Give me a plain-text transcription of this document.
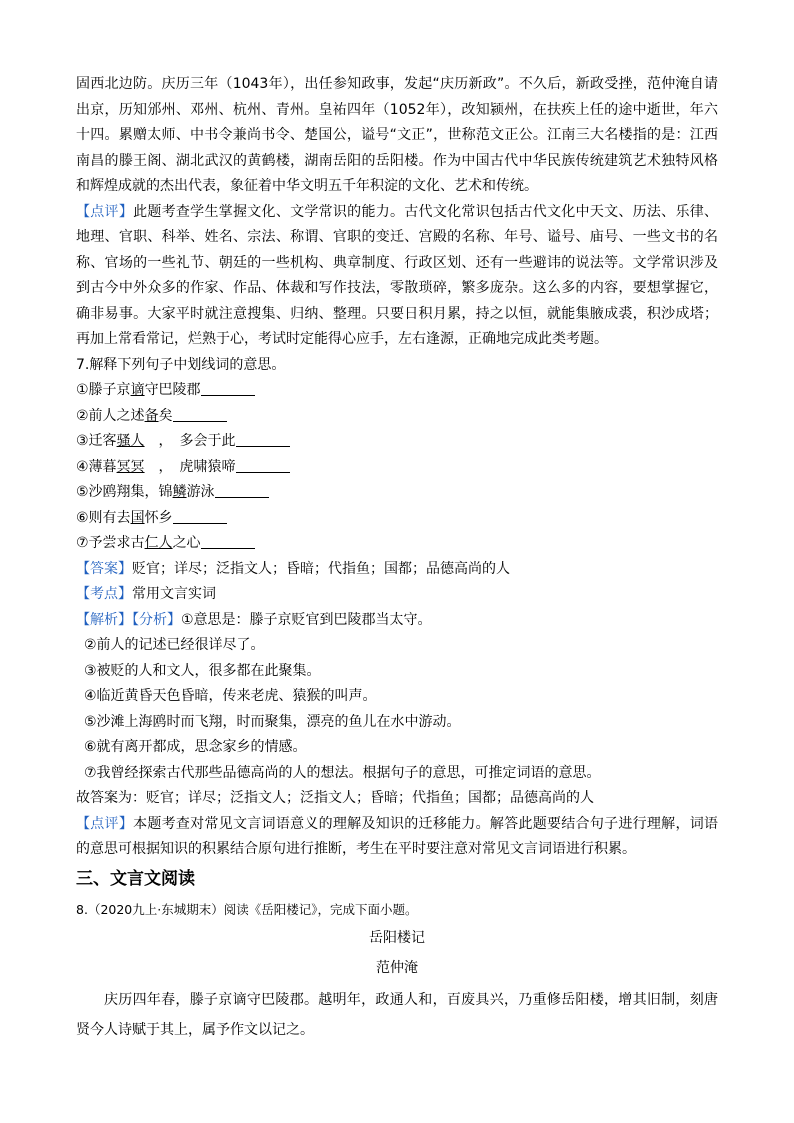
固西北边防。庆历三年（1043年），出任参知政事，发起“庆历新政”。不久后，新政受挫，范仲淹自请出京，历知邠州、邓州、杭州、青州。皇祐四年（1052年），改知颍州，在扶疾上任的途中逝世，年六十四。累赠太师、中书令兼尚书令、楚国公，谥号“文正”，世称范文正公。江南三大名楼指的是：江西南昌的滕王阁、湖北武汉的黄鹤楼，湖南岳阳的岳阳楼。作为中国古代中华民族传统建筑艺术独特风格和辉煌成就的杰出代表，象征着中华文明五千年积淀的文化、艺术和传统。

【点评】此题考查学生掌握文化、文学常识的能力。古代文化常识包括古代文化中天文、历法、乐律、地理、官职、科举、姓名、宗法、称谓、官职的变迁、宫殿的名称、年号、谥号、庙号、一些文书的名称、官场的一些礼节、朝廷的一些机构、典章制度、行政区划、还有一些避讳的说法等。文学常识涉及到古今中外众多的作家、作品、体裁和写作技法，零散琐碎，繁多庞杂。这么多的内容，要想掌握它，确非易事。大家平时就注意搜集、归纳、整理。只要日积月累，持之以恒，就能集腋成裘，积沙成塔；再加上常看常记，烂熟于心，考试时定能得心应手，左右逢源，正确地完成此类考题。

7.解释下列句子中划线词的意思。

①滕子京谪守巴陵郡

②前人之述备矣

③迁客骚人　，　多会于此

④薄暮冥冥　，　虎啸猿啼

⑤沙鸥翔集，锦鳞游泳

⑥则有去国怀乡

⑦予尝求古仁人之心

【答案】贬官；详尽；泛指文人；昏暗；代指鱼；国都；品德高尚的人

【考点】常用文言实词

【解析】【分析】①意思是：滕子京贬官到巴陵郡当太守。

②前人的记述已经很详尽了。

③被贬的人和文人，很多都在此聚集。

④临近黄昏天色昏暗，传来老虎、猿猴的叫声。

⑤沙滩上海鸥时而飞翔，时而聚集，漂亮的鱼儿在水中游动。

⑥就有离开都成，思念家乡的情感。

⑦我曾经探索古代那些品德高尚的人的想法。根据句子的意思，可推定词语的意思。

故答案为：贬官；详尽；泛指文人；泛指文人；昏暗；代指鱼；国都；品德高尚的人

【点评】本题考查对常见文言词语意义的理解及知识的迁移能力。解答此题要结合句子进行理解，词语的意思可根据知识的积累结合原句进行推断，考生在平时要注意对常见文言词语进行积累。

三、文言文阅读

8.（2020九上·东城期末）阅读《岳阳楼记》，完成下面小题。

岳阳楼记

范仲淹

庆历四年春，滕子京谪守巴陵郡。越明年，政通人和，百废具兴，乃重修岳阳楼，增其旧制，刻唐贤今人诗赋于其上，属予作文以记之。
